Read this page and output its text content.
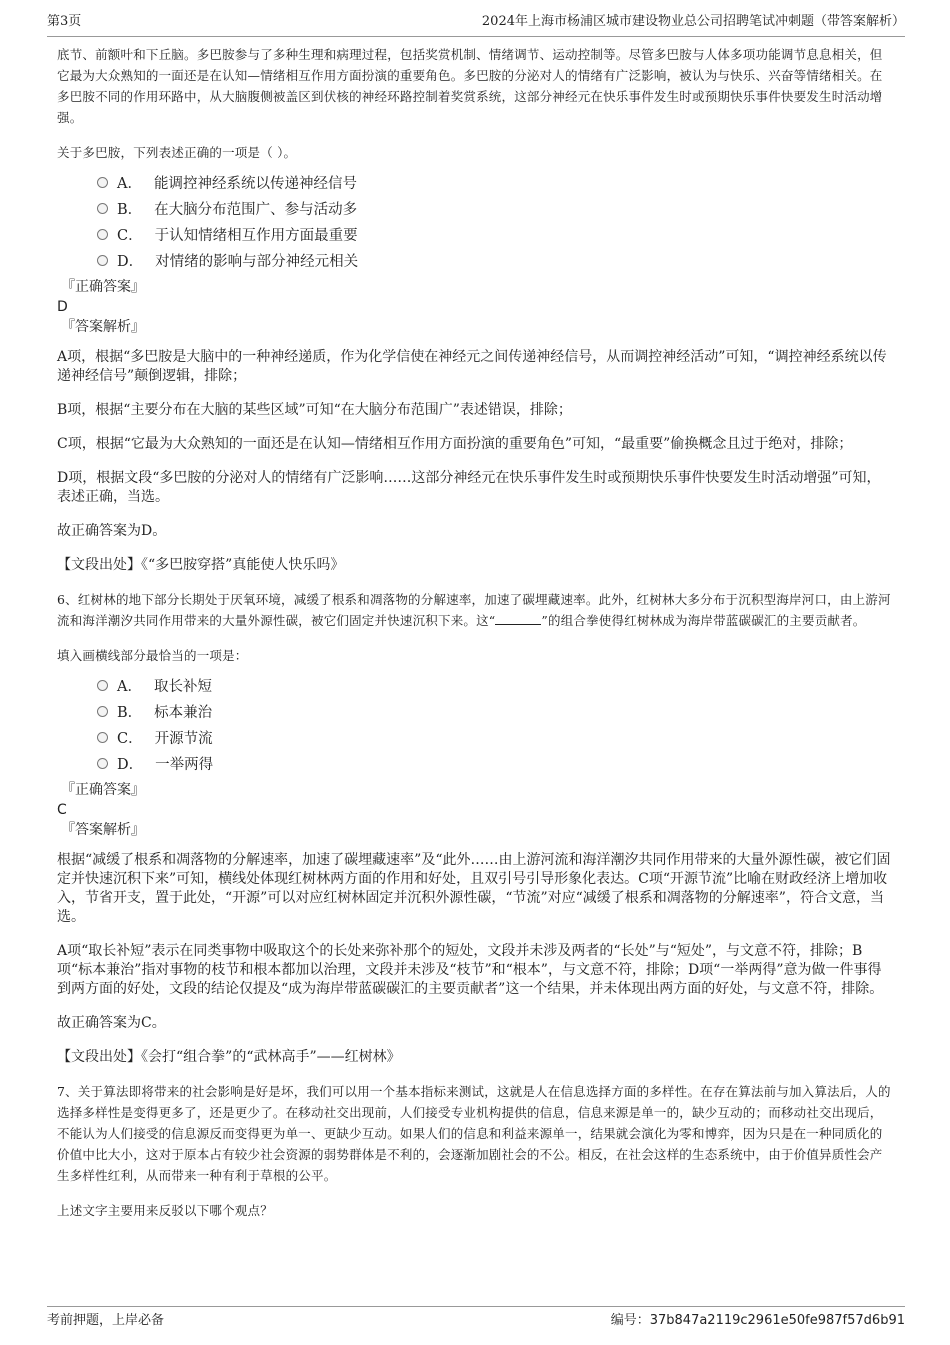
第3页	2024年上海市杨浦区城市建设物业总公司招聘笔试冲刺题（带答案解析）

底节、前额叶和下丘脑。多巴胺参与了多种生理和病理过程，包括奖赏机制、情绪调节、运动控制等。尽管多巴胺与人体多项功能调节息息相关，但它最为大众熟知的一面还是在认知—情绪相互作用方面扮演的重要角色。多巴胺的分泌对人的情绪有广泛影响，被认为与快乐、兴奋等情绪相关。在多巴胺不同的作用环路中，从大脑腹侧被盖区到伏核的神经环路控制着奖赏系统，这部分神经元在快乐事件发生时或预期快乐事件快要发生时活动增强。

关于多巴胺，下列表述正确的一项是（ ）。

A． 能调控神经系统以传递神经信号
B． 在大脑分布范围广、参与活动多
C． 于认知情绪相互作用方面最重要
D． 对情绪的影响与部分神经元相关

『正确答案』

D

『答案解析』

A项，根据“多巴胺是大脑中的一种神经递质，作为化学信使在神经元之间传递神经信号，从而调控神经活动”可知，“调控神经系统以传递神经信号”颠倒逻辑，排除；

B项，根据“主要分布在大脑的某些区域”可知“在大脑分布范围广”表述错误，排除；

C项，根据“它最为大众熟知的一面还是在认知—情绪相互作用方面扮演的重要角色”可知，“最重要”偷换概念且过于绝对，排除；

D项，根据文段“多巴胺的分泌对人的情绪有广泛影响……这部分神经元在快乐事件发生时或预期快乐事件快要发生时活动增强”可知，表述正确，当选。

故正确答案为D。

【文段出处】《“多巴胺穿搭”真能使人快乐吗》

6、红树林的地下部分长期处于厌氧环境，减缓了根系和凋落物的分解速率，加速了碳埋藏速率。此外，红树林大多分布于沉积型海岸河口，由上游河流和海洋潮汐共同作用带来的大量外源性碳，被它们固定并快速沉积下来。这“	”的组合拳使得红树林成为海岸带蓝碳碳汇的主要贡献者。

填入画横线部分最恰当的一项是：

A． 取长补短
B． 标本兼治
C． 开源节流
D． 一举两得

『正确答案』

C

『答案解析』

根据“减缓了根系和凋落物的分解速率，加速了碳埋藏速率”及“此外……由上游河流和海洋潮汐共同作用带来的大量外源性碳，被它们固定并快速沉积下来”可知，横线处体现红树林两方面的作用和好处，且双引号引导形象化表达。C项“开源节流”比喻在财政经济上增加收入，节省开支，置于此处，“开源”可以对应红树林固定并沉积外源性碳，“节流”对应“减缓了根系和凋落物的分解速率”，符合文意，当选。

A项“取长补短”表示在同类事物中吸取这个的长处来弥补那个的短处，文段并未涉及两者的“长处”与“短处”，与文意不符，排除；B项“标本兼治”指对事物的枝节和根本都加以治理，文段并未涉及“枝节”和“根本”，与文意不符，排除；D项“一举两得”意为做一件事得到两方面的好处，文段的结论仅提及“成为海岸带蓝碳碳汇的主要贡献者”这一个结果，并未体现出两方面的好处，与文意不符，排除。

故正确答案为C。

【文段出处】《会打“组合拳”的“武林高手”——红树林》

7、关于算法即将带来的社会影响是好是坏，我们可以用一个基本指标来测试，这就是人在信息选择方面的多样性。在存在算法前与加入算法后，人的选择多样性是变得更多了，还是更少了。在移动社交出现前，人们接受专业机构提供的信息，信息来源是单一的，缺少互动的；而移动社交出现后，不能认为人们接受的信息源反而变得更为单一、更缺少互动。如果人们的信息和利益来源单一，结果就会演化为零和博弈，因为只是在一种同质化的价值中比大小，这对于原本占有较少社会资源的弱势群体是不利的，会逐渐加剧社会的不公。相反，在社会这样的生态系统中，由于价值异质性会产生多样性红利，从而带来一种有利于草根的公平。

上述文字主要用来反驳以下哪个观点？

考前押题，上岸必备	编号：37b847a2119c2961e50fe987f57d6b91
